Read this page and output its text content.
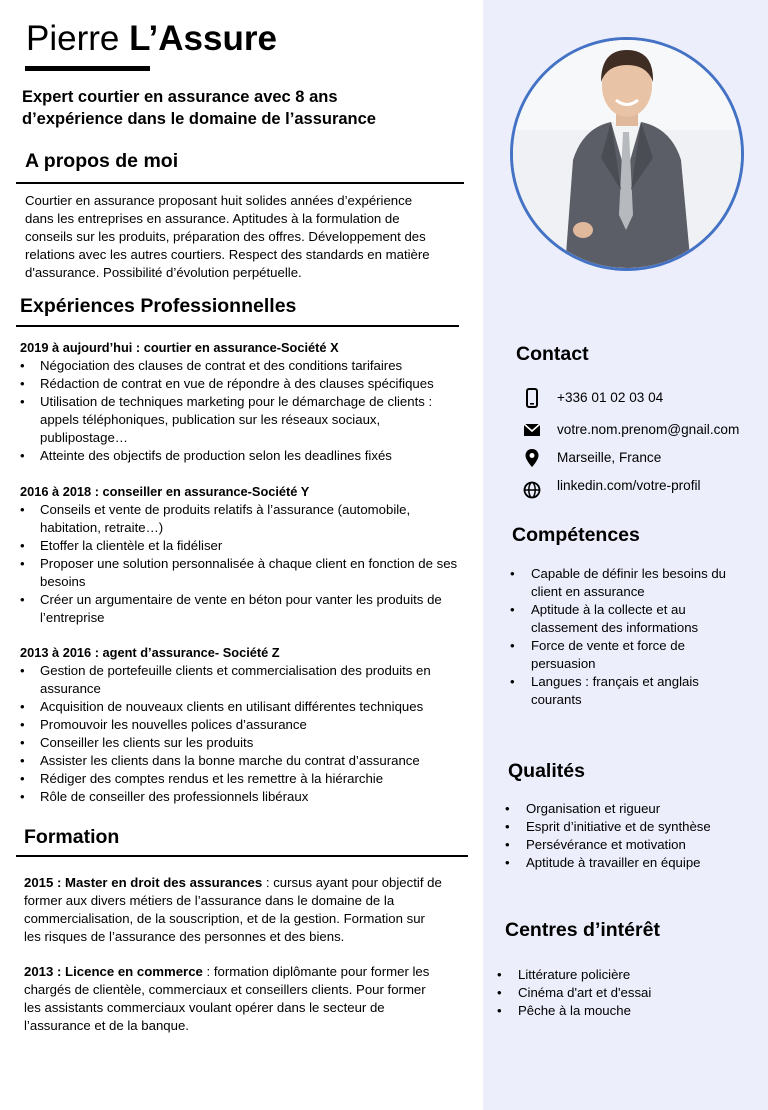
Pierre L’Assure
Expert courtier en assurance avec 8 ans
d’expérience dans le domaine de l’assurance
A propos de moi
Courtier en assurance proposant huit solides années d’expérience
dans les entreprises en assurance. Aptitudes à la formulation de
conseils sur les produits, préparation des offres. Développement des
relations avec les autres courtiers. Respect des standards en matière
d'assurance. Possibilité d’évolution perpétuelle.
Expériences Professionnelles
2019 à aujourd’hui : courtier en assurance-Société X
• Négociation des clauses de contrat et des conditions tarifaires
• Rédaction de contrat en vue de répondre à des clauses spécifiques
• Utilisation de techniques marketing pour le démarchage de clients :
appels téléphoniques, publication sur les réseaux sociaux,
publipostage…
• Atteinte des objectifs de production selon les deadlines fixés
2016 à 2018 : conseiller en assurance-Société Y
• Conseils et vente de produits relatifs à l’assurance (automobile,
habitation, retraite…)
• Etoffer la clientèle et la fidéliser
• Proposer une solution personnalisée à chaque client en fonction de ses
besoins
• Créer un argumentaire de vente en béton pour vanter les produits de
l’entreprise
2013 à 2016 : agent d’assurance- Société Z
• Gestion de portefeuille clients et commercialisation des produits en
assurance
• Acquisition de nouveaux clients en utilisant différentes techniques
• Promouvoir les nouvelles polices d’assurance
• Conseiller les clients sur les produits
• Assister les clients dans la bonne marche du contrat d’assurance
• Rédiger des comptes rendus et les remettre à la hiérarchie
• Rôle de conseiller des professionnels libéraux
Formation
2015 : Master en droit des assurances : cursus ayant pour objectif de
former aux divers métiers de l’assurance dans le domaine de la
commercialisation, de la souscription, et de la gestion. Formation sur
les risques de l’assurance des personnes et des biens.
2013 : Licence en commerce : formation diplômante pour former les
chargés de clientèle, commerciaux et conseillers clients. Pour former
les assistants commerciaux voulant opérer dans le secteur de
l’assurance et de la banque.
Contact
+336 01 02 03 04
votre.nom.prenom@gnail.com
Marseille, France
linkedin.com/votre-profil
Compétences
• Capable de définir les besoins du
client en assurance
• Aptitude à la collecte et au
classement des informations
• Force de vente et force de
persuasion
• Langues : français et anglais
courants
Qualités
• Organisation et rigueur
• Esprit d’initiative et de synthèse
• Persévérance et motivation
• Aptitude à travailler en équipe
Centres d’intérêt
• Littérature policière
• Cinéma d'art et d'essai
• Pêche à la mouche
